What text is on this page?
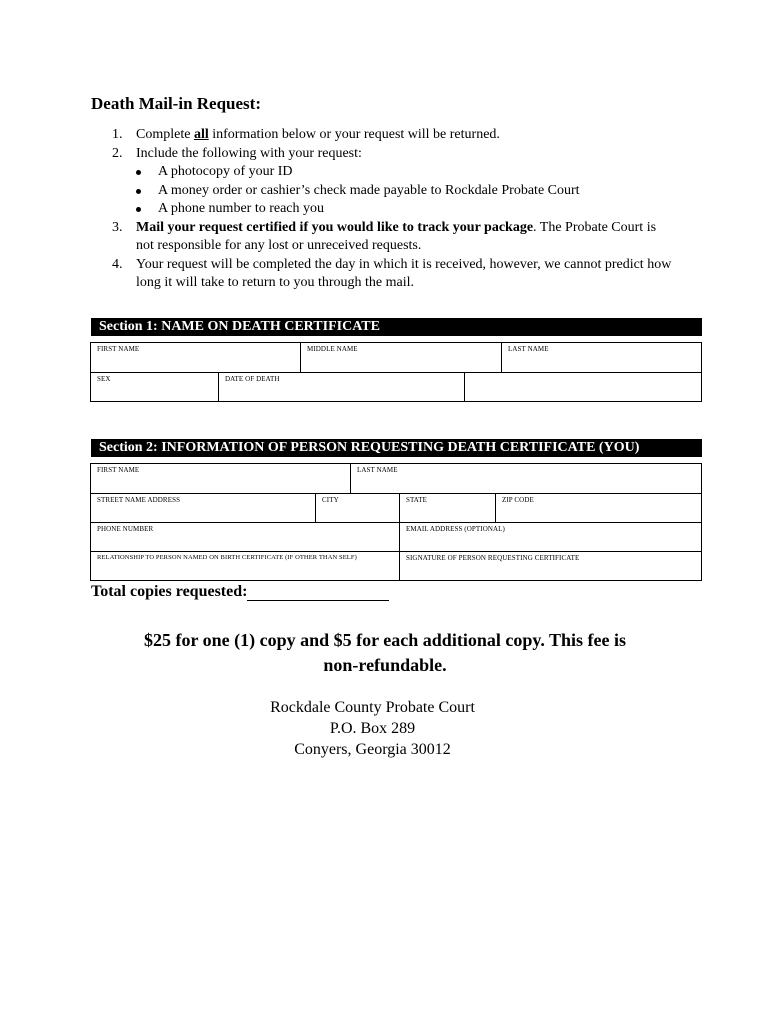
Death Mail-in Request:
1. Complete all information below or your request will be returned.
2. Include the following with your request:
A photocopy of your ID
A money order or cashier’s check made payable to Rockdale Probate Court
A phone number to reach you
3. Mail your request certified if you would like to track your package. The Probate Court is not responsible for any lost or unreceived requests.
4. Your request will be completed the day in which it is received, however, we cannot predict how long it will take to return to you through the mail.
Section 1: NAME ON DEATH CERTIFICATE
FIRST NAME	MIDDLE NAME	LAST NAME
SEX	DATE OF DEATH
Section 2: INFORMATION OF PERSON REQUESTING DEATH CERTIFICATE (YOU)
FIRST NAME	LAST NAME
STREET NAME ADDRESS	CITY	STATE	ZIP CODE
PHONE NUMBER	EMAIL ADDRESS (OPTIONAL)
RELATIONSHIP TO PERSON NAMED ON BIRTH CERTIFICATE (IF OTHER THAN SELF)	SIGNATURE OF PERSON REQUESTING CERTIFICATE
Total copies requested:
$25 for one (1) copy and $5 for each additional copy. This fee is
non-refundable.
Rockdale County Probate Court
P.O. Box 289
Conyers, Georgia 30012
